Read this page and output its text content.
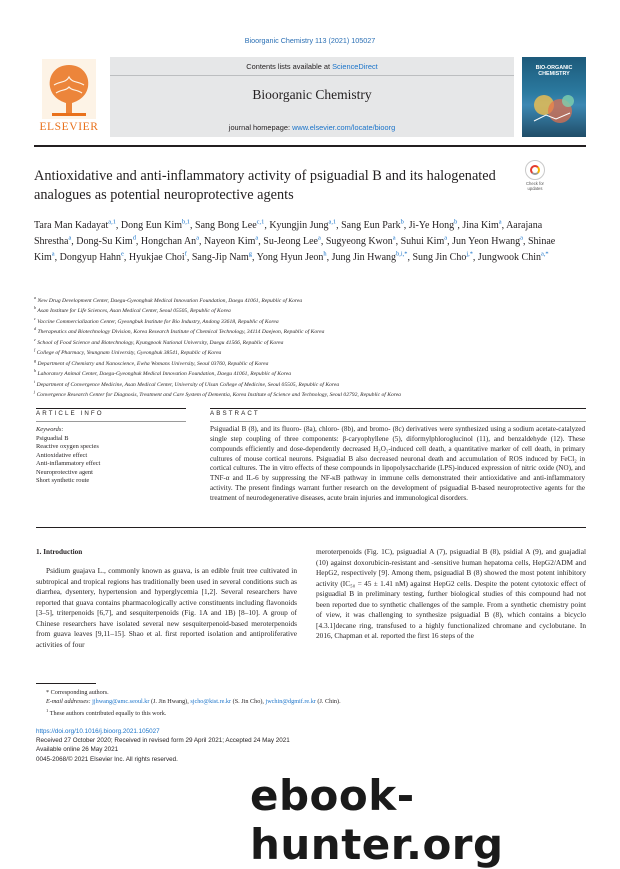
Bioorganic Chemistry 113 (2021) 105027
ELSEVIER
Contents lists available at ScienceDirect
Bioorganic Chemistry
journal homepage: www.elsevier.com/locate/bioorg
BIO-ORGANIC CHEMISTRY
Antioxidative and anti-inflammatory activity of psiguadial B and its halogenated analogues as potential neuroprotective agents
Check for updates
Tara Man Kadayat$^{a,1}$, Dong Eun Kim$^{b,1}$, Sang Bong Lee$^{c,1}$, Kyungjin Jung$^{a,1}$, Sang Eun Park$^b$, Ji-Ye Hong$^b$, Jina Kim$^a$, Aarajana Shrestha$^a$, Dong-Su Kim$^d$, Hongchan An$^a$, Nayeon Kim$^a$, Su-Jeong Lee$^a$, Sugyeong Kwon$^a$, Suhui Kim$^a$, Jun Yeon Hwang$^a$, Shinae Kim$^a$, Dongyup Hahn$^e$, Hyukjae Choi$^f$, Sang-Jip Nam$^g$, Yong Hyun Jeon$^h$, Jung Jin Hwang$^{b,i,*}$, Sung Jin Cho$^{j,*}$, Jungwook Chin$^{a,*}$
$^a$ New Drug Development Center, Daegu-Gyeongbuk Medical Innovation Foundation, Daegu 41061, Republic of Korea
$^b$ Asan Institute for Life Sciences, Asan Medical Center, Seoul 05505, Republic of Korea
$^c$ Vaccine Commercialization Center, Gyeongbuk Institute for Bio Industry, Andong 33618, Republic of Korea
$^d$ Therapeutics and Biotechnology Division, Korea Research Institute of Chemical Technology, 34114 Daejeon, Republic of Korea
$^e$ School of Food Science and Biotechnology, Kyungpook National University, Daegu 41566, Republic of Korea
$^f$ College of Pharmacy, Yeungnam University, Gyeongbuk 38541, Republic of Korea
$^g$ Department of Chemistry and Nanoscience, Ewha Womans University, Seoul 03760, Republic of Korea
$^h$ Laboratory Animal Center, Daegu-Gyeongbuk Medical Innovation Foundation, Daegu 41061, Republic of Korea
$^i$ Department of Convergence Medicine, Asan Medical Center, University of Ulsan College of Medicine, Seoul 05505, Republic of Korea
$^j$ Convergence Research Center for Diagnosis, Treatment and Care System of Dementia, Korea Institute of Science and Technology, Seoul 02792, Republic of Korea
ARTICLE INFO	ABSTRACT
Keywords:
Psiguadial B
Reactive oxygen species
Antioxidative effect
Anti-inflammatory effect
Neuroprotective agent
Short synthetic route
Psiguadial B (8), and its fluoro- (8a), chloro- (8b), and bromo- (8c) derivatives were synthesized using a sodium acetate-catalyzed single step coupling of three components: β-caryophyllene (5), diformylphloroglucinol (11), and benzaldehyde (12). These compounds efficiently and dose-dependently decreased H₂O₂-induced cell death, a quantitative marker of cell death, in primary cultures of mouse cortical neurons. Psiguadial B also decreased neuronal death and accumulation of ROS induced by FeCl₂ in cortical cultures. The in vitro effects of these compounds in lipopolysaccharide (LPS)-induced expression of nitric oxide (NO), and TNF-α and IL-6 by suppressing the NF-κB pathway in immune cells demonstrated their antioxidative and anti-inflammatory activity. The present findings warrant further research on the development of psiguadial B-based neuroprotective agents for the treatment of neurodegenerative diseases, acute brain injuries and immunological disorders.
1. Introduction

Psidium guajava L., commonly known as guava, is an edible fruit tree cultivated in subtropical and tropical regions has traditionally been used in several conditions such as diarrhea, dysentery, hypertension and hyperglycemia [1,2]. Several researchers have reported that guava contains pharmacologically active constituents including flavonoids [3–5], triterpenoids [6,7], and sesquiterpenoids (Fig. 1A and 1B) [8–10]. A group of Chinese researchers have isolated several new sesquiterpenoid-based meroterpenoids from guava leaves [9,11–15]. Shao et al. first reported isolation and antiproliferative activities of four

meroterpenoids (Fig. 1C), psiguadial A (7), psiguadial B (8), psidial A (9), and guajadial (10) against doxorubicin-resistant and -sensitive human hepatoma cells, HepG2/ADM and HepG2, respectively [9]. Among them, psiguadial B (8) showed the most potent inhibitory activity (IC₅₀ = 45 ± 1.41 nM) against HepG2 cells. Despite the potent cytotoxic effect of psiguadial B in preliminary testing, further biological studies of this compound had not been reported due to synthetic challenges of the sample. From a synthetic chemistry point of view, it was challenging to synthesize psiguadial B (8), which contains a bicyclo [4.3.1]decane ring, transfused to a highly functionalized chromane and cyclobutane. In 2016, Chapman et al. reported the first 16 steps of the
* Corresponding authors.
E-mail addresses: jjhwang@amc.seoul.kr (J. Jin Hwang), sjcho@kist.re.kr (S. Jin Cho), jwchin@dgmif.re.kr (J. Chin).
$^1$ These authors contributed equally to this work.
https://doi.org/10.1016/j.bioorg.2021.105027
Received 27 October 2020; Received in revised form 29 April 2021; Accepted 24 May 2021
Available online 26 May 2021
0045-2068/© 2021 Elsevier Inc. All rights reserved.
ebook-hunter.org
